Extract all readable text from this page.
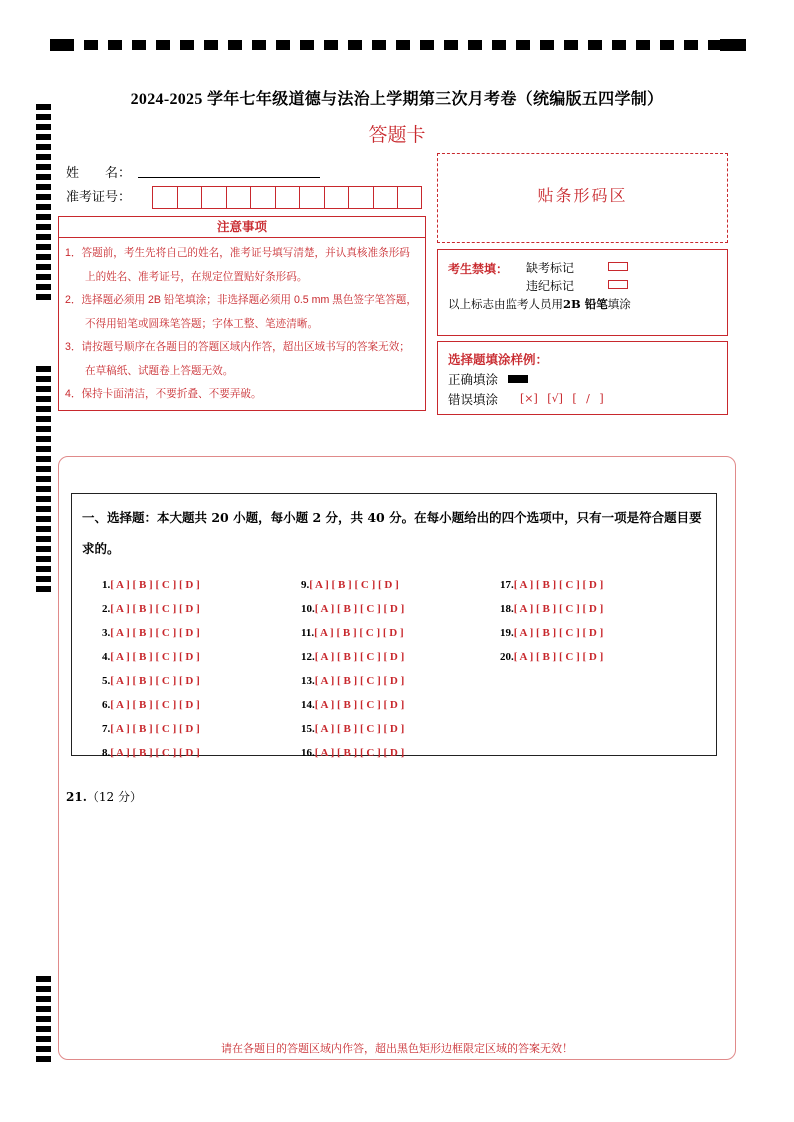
2024-2025 学年七年级道德与法治上学期第三次月考卷（统编版五四学制）
答题卡
姓　　名：
准考证号：
注意事项
1．答题前，考生先将自己的姓名，准考证号填写清楚，并认真核准条形码上的姓名、准考证号，在规定位置贴好条形码。
2．选择题必须用 2B 铅笔填涂；非选择题必须用 0.5 mm 黑色签字笔答题，不得用铅笔或圆珠笔答题；字体工整、笔迹清晰。
3．请按题号顺序在各题目的答题区域内作答，超出区域书写的答案无效；在草稿纸、试题卷上答题无效。
4．保持卡面清洁，不要折叠、不要弄破。
贴条形码区
考生禁填： 缺考标记
违纪标记
以上标志由监考人员用2B 铅笔填涂
选择题填涂样例：
正确填涂
错误填涂 [×] [√] [ / ]
一、选择题：本大题共 20 小题，每小题 2 分，共 40 分。在每小题给出的四个选项中，只有一项是符合题目要求的。
1.[ A ] [ B ] [ C ] [ D ]
2.[ A ] [ B ] [ C ] [ D ]
3.[ A ] [ B ] [ C ] [ D ]
4.[ A ] [ B ] [ C ] [ D ]
5.[ A ] [ B ] [ C ] [ D ]
6.[ A ] [ B ] [ C ] [ D ]
7.[ A ] [ B ] [ C ] [ D ]
8.[ A ] [ B ] [ C ] [ D ]
9.[ A ] [ B ] [ C ] [ D ]
10.[ A ] [ B ] [ C ] [ D ]
11.[ A ] [ B ] [ C ] [ D ]
12.[ A ] [ B ] [ C ] [ D ]
13.[ A ] [ B ] [ C ] [ D ]
14.[ A ] [ B ] [ C ] [ D ]
15.[ A ] [ B ] [ C ] [ D ]
16.[ A ] [ B ] [ C ] [ D ]
17.[ A ] [ B ] [ C ] [ D ]
18.[ A ] [ B ] [ C ] [ D ]
19.[ A ] [ B ] [ C ] [ D ]
20.[ A ] [ B ] [ C ] [ D ]
21.（12 分）
请在各题目的答题区域内作答，超出黑色矩形边框限定区域的答案无效！
